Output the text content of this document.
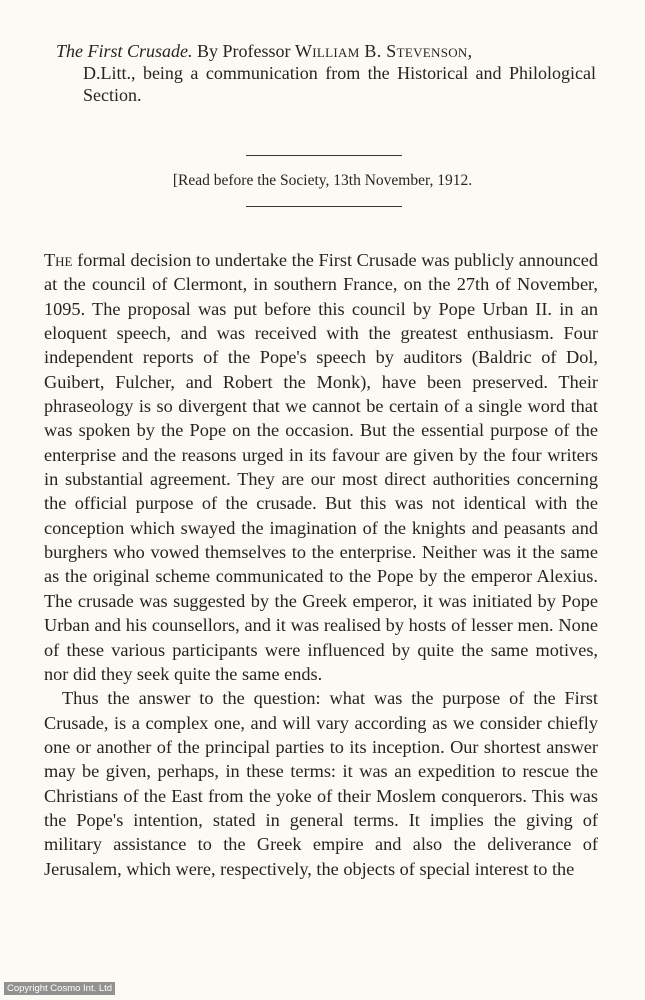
The First Crusade. By Professor William B. Stevenson,
D.Litt., being a communication from the Historical and Philological Section.
[Read before the Society, 13th November, 1912.

The formal decision to undertake the First Crusade was publicly announced at the council of Clermont, in southern France, on the 27th of November, 1095. The proposal was put before this council by Pope Urban II. in an eloquent speech, and was received with the greatest enthusiasm. Four independent reports of the Pope's speech by auditors (Baldric of Dol, Guibert, Fulcher, and Robert the Monk), have been preserved. Their phraseology is so divergent that we cannot be certain of a single word that was spoken by the Pope on the occasion. But the essential purpose of the enterprise and the reasons urged in its favour are given by the four writers in substantial agreement. They are our most direct authorities concerning the official purpose of the crusade. But this was not identical with the conception which swayed the imagination of the knights and peasants and burghers who vowed themselves to the enterprise. Neither was it the same as the original scheme communicated to the Pope by the emperor Alexius. The crusade was suggested by the Greek emperor, it was initiated by Pope Urban and his counsellors, and it was realised by hosts of lesser men. None of these various participants were influenced by quite the same motives, nor did they seek quite the same ends.

Thus the answer to the question: what was the purpose of the First Crusade, is a complex one, and will vary according as we consider chiefly one or another of the principal parties to its inception. Our shortest answer may be given, perhaps, in these terms: it was an expedition to rescue the Christians of the East from the yoke of their Moslem conquerors. This was the Pope's intention, stated in general terms. It implies the giving of military assistance to the Greek empire and also the deliverance of Jerusalem, which were, respectively, the objects of special interest to the

Copyright Cosmo Int. Ltd
